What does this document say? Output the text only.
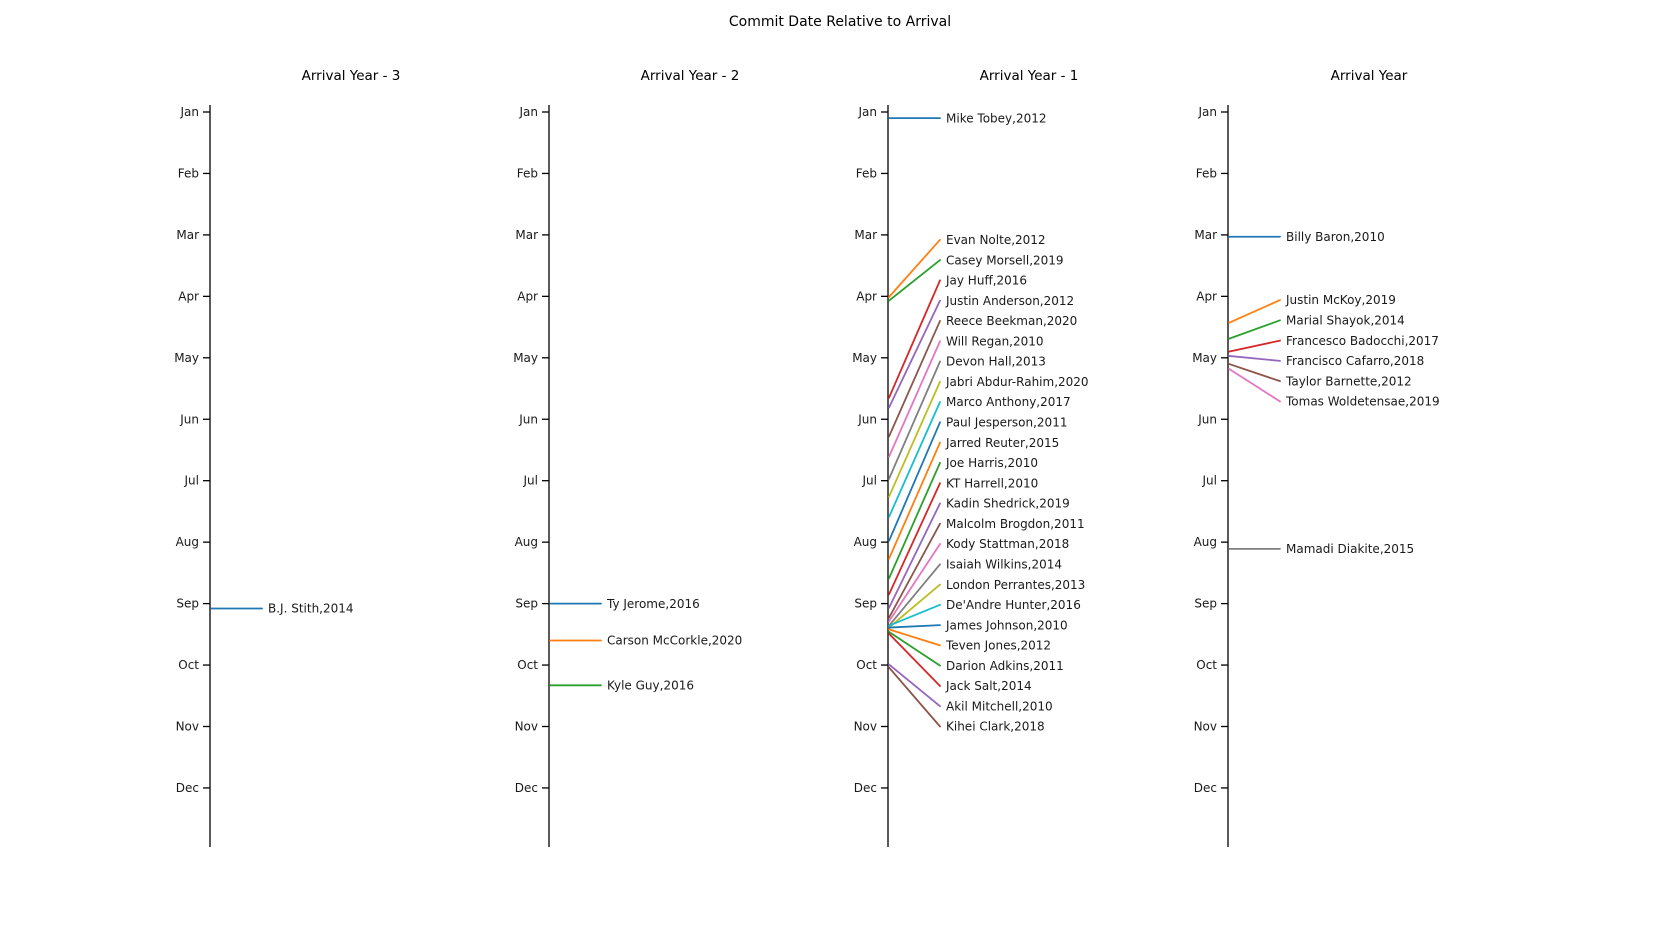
Commit Date Relative to Arrival
Arrival Year - 3	Arrival Year - 2	Arrival Year - 1	Arrival Year
Jan
Feb
Mar
Apr
May
Jun
Jul
Aug
Sep
Oct
Nov
Dec
B.J. Stith,2014
Jan
Feb
Mar
Apr
May
Jun
Jul
Aug
Sep
Oct
Nov
Dec
Ty Jerome,2016
Carson McCorkle,2020
Kyle Guy,2016
Jan
Feb
Mar
Apr
May
Jun
Jul
Aug
Sep
Oct
Nov
Dec
Mike Tobey,2012
Evan Nolte,2012
Casey Morsell,2019
Jay Huff,2016
Justin Anderson,2012
Reece Beekman,2020
Will Regan,2010
Devon Hall,2013
Jabri Abdur-Rahim,2020
Marco Anthony,2017
Paul Jesperson,2011
Jarred Reuter,2015
Joe Harris,2010
KT Harrell,2010
Kadin Shedrick,2019
Malcolm Brogdon,2011
Kody Stattman,2018
Isaiah Wilkins,2014
London Perrantes,2013
De'Andre Hunter,2016
James Johnson,2010
Teven Jones,2012
Darion Adkins,2011
Jack Salt,2014
Akil Mitchell,2010
Kihei Clark,2018
Jan
Feb
Mar
Apr
May
Jun
Jul
Aug
Sep
Oct
Nov
Dec
Billy Baron,2010
Justin McKoy,2019
Marial Shayok,2014
Francesco Badocchi,2017
Francisco Cafarro,2018
Taylor Barnette,2012
Tomas Woldetensae,2019
Mamadi Diakite,2015
